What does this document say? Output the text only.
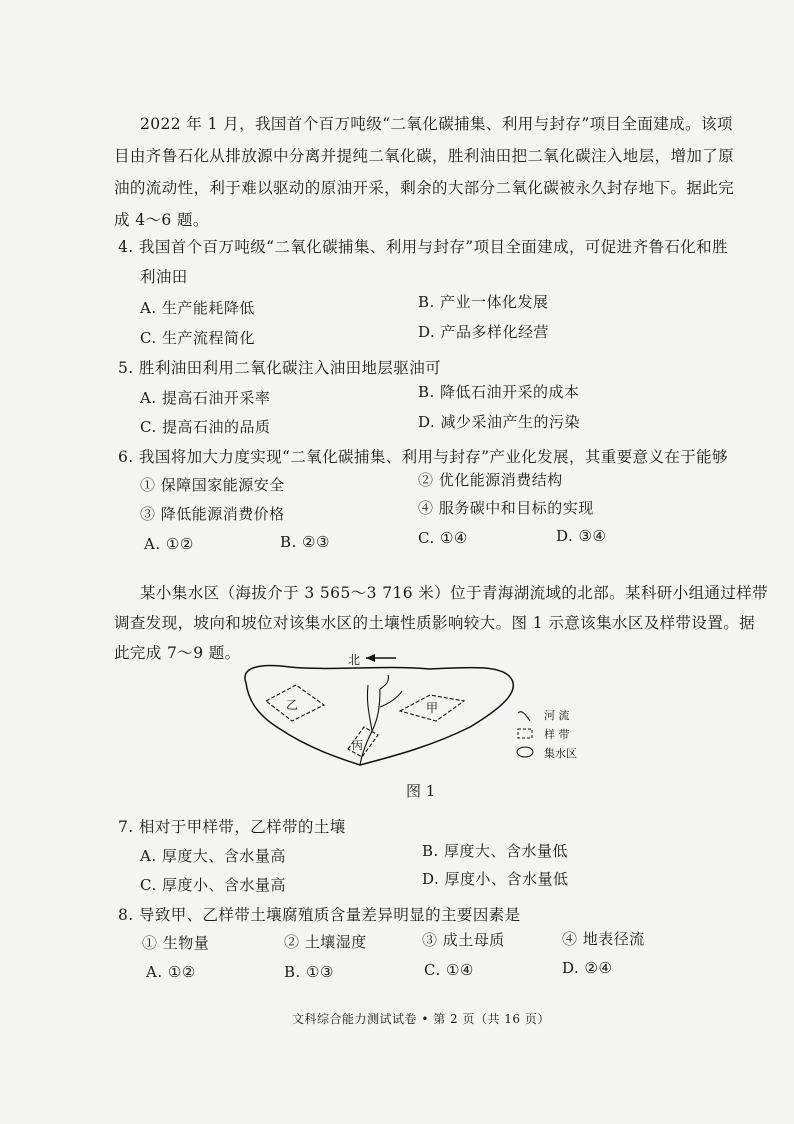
2022 年 1 月，我国首个百万吨级“二氧化碳捕集、利用与封存”项目全面建成。该项
目由齐鲁石化从排放源中分离并提纯二氧化碳，胜利油田把二氧化碳注入地层，增加了原
油的流动性，利于难以驱动的原油开采，剩余的大部分二氧化碳被永久封存地下。据此完
成 4～6 题。
4. 我国首个百万吨级“二氧化碳捕集、利用与封存”项目全面建成，可促进齐鲁石化和胜
利油田
A. 生产能耗降低	B. 产业一体化发展
C. 生产流程简化	D. 产品多样化经营
5. 胜利油田利用二氧化碳注入油田地层驱油可
A. 提高石油开采率	B. 降低石油开采的成本
C. 提高石油的品质	D. 减少采油产生的污染
6. 我国将加大力度实现“二氧化碳捕集、利用与封存”产业化发展，其重要意义在于能够
① 保障国家能源安全	② 优化能源消费结构
③ 降低能源消费价格	④ 服务碳中和目标的实现
A. ①②	B. ②③	C. ①④	D. ③④
某小集水区（海拔介于 3 565～3 716 米）位于青海湖流域的北部。某科研小组通过样带
调查发现，坡向和坡位对该集水区的土壤性质影响较大。图 1 示意该集水区及样带设置。据
此完成 7～9 题。	北
乙	甲
丙
河 流
样 带
集水区
图 1
7. 相对于甲样带，乙样带的土壤
A. 厚度大、含水量高	B. 厚度大、含水量低
C. 厚度小、含水量高	D. 厚度小、含水量低
8. 导致甲、乙样带土壤腐殖质含量差异明显的主要因素是
① 生物量	② 土壤湿度	③ 成土母质	④ 地表径流
A. ①②	B. ①③	C. ①④	D. ②④
文科综合能力测试试卷 • 第 2 页（共 16 页）
